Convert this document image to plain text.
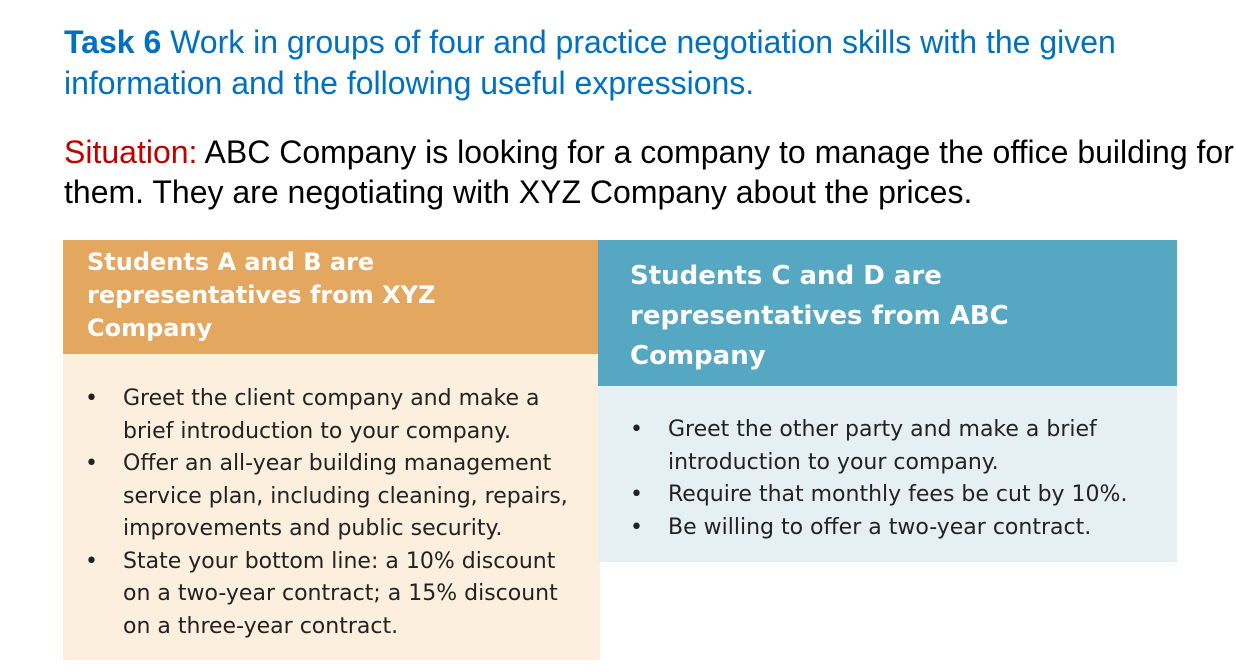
Task 6 Work in groups of four and practice negotiation skills with the given information and the following useful expressions.
Situation: ABC Company is looking for a company to manage the office building for them. They are negotiating with XYZ Company about the prices.
Students A and B are representatives from XYZ Company
• Greet the client company and make a brief introduction to your company.
• Offer an all-year building management service plan, including cleaning, repairs, improvements and public security.
• State your bottom line: a 10% discount on a two-year contract; a 15% discount on a three-year contract.
Students C and D are representatives from ABC Company
• Greet the other party and make a brief introduction to your company.
• Require that monthly fees be cut by 10%.
• Be willing to offer a two-year contract.
